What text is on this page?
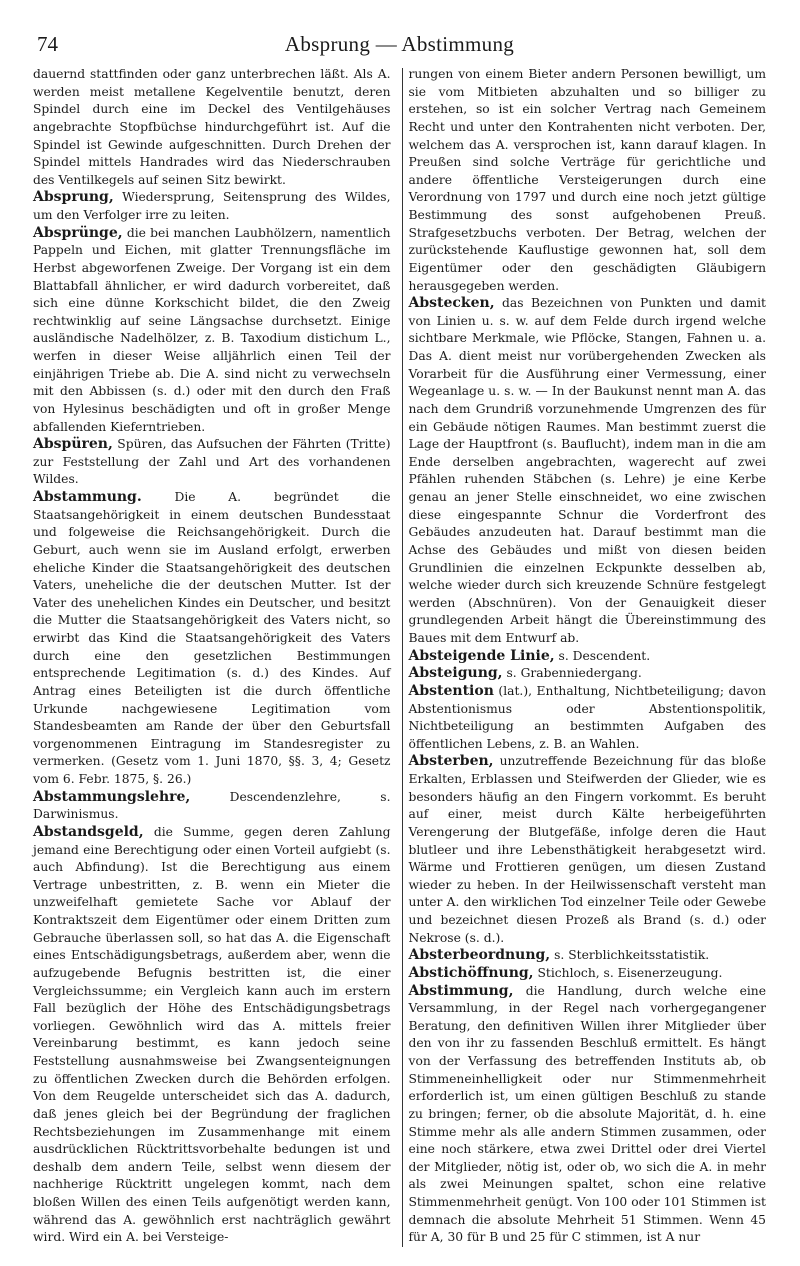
74	Absprung — Abstimmung

dauernd stattfinden oder ganz unterbrechen läßt. Als A. werden meist metallene Kegelventile benutzt, deren Spindel durch eine im Deckel des Ventilgehäuses angebrachte Stopfbüchse hindurchgeführt ist. Auf die Spindel ist Gewinde aufgeschnitten. Durch Drehen der Spindel mittels Handrades wird das Niederschrauben des Ventilkegels auf seinen Sitz bewirkt.

Absprung, Wiedersprung, Seitensprung des Wildes, um den Verfolger irre zu leiten.

Absprünge, die bei manchen Laubhölzern, namentlich Pappeln und Eichen, mit glatter Trennungsfläche im Herbst abgeworfenen Zweige. Der Vorgang ist ein dem Blattabfall ähnlicher, er wird dadurch vorbereitet, daß sich eine dünne Korkschicht bildet, die den Zweig rechtwinklig auf seine Längsachse durchsetzt. Einige ausländische Nadelhölzer, z. B. Taxodium distichum L., werfen in dieser Weise alljährlich einen Teil der einjährigen Triebe ab. Die A. sind nicht zu verwechseln mit den Abbissen (s. d.) oder mit den durch den Fraß von Hylesinus beschädigten und oft in großer Menge abfallenden Kieferntrieben.

Abspüren, Spüren, das Aufsuchen der Fährten (Tritte) zur Feststellung der Zahl und Art des vorhandenen Wildes.

Abstammung.	Die A. begründet die Staatsangehörigkeit in einem deutschen Bundesstaat und folgeweise die Reichsangehörigkeit. Durch die Geburt, auch wenn sie im Ausland erfolgt, erwerben eheliche Kinder die Staatsangehörigkeit des deutschen Vaters, uneheliche die der deutschen Mutter. Ist der Vater des unehelichen Kindes ein Deutscher, und besitzt die Mutter die Staatsangehörigkeit des Vaters nicht, so erwirbt das Kind die Staatsangehörigkeit des Vaters durch eine den gesetzlichen Bestimmungen entsprechende Legitimation (s. d.) des Kindes. Auf Antrag eines Beteiligten ist die durch öffentliche Urkunde nachgewiesene Legitimation vom Standesbeamten am Rande der über den Geburtsfall vorgenommenen Eintragung im Standesregister zu vermerken. (Gesetz vom 1. Juni 1870, §§. 3, 4; Gesetz vom 6. Febr. 1875, §. 26.)

Abstammungslehre,	Descendenzlehre, s. Darwinismus.

Abstandsgeld, die Summe, gegen deren Zahlung jemand eine Berechtigung oder einen Vorteil aufgiebt (s. auch Abfindung). Ist die Berechtigung aus einem Vertrage unbestritten, z. B. wenn ein Mieter die unzweifelhaft gemietete Sache vor Ablauf der Kontraktszeit dem Eigentümer oder einem Dritten zum Gebrauche überlassen soll, so hat das A. die Eigenschaft eines Entschädigungsbetrags, außerdem aber, wenn die aufzugebende Befugnis bestritten ist, die einer Vergleichssumme; ein Vergleich kann auch im erstern Fall bezüglich der Höhe des Entschädigungsbetrags vorliegen. Gewöhnlich wird das A. mittels freier Vereinbarung bestimmt, es kann jedoch seine Feststellung ausnahmsweise bei Zwangsenteignungen zu öffentlichen Zwecken durch die Behörden erfolgen. Von dem Reugelde unterscheidet sich das A. dadurch, daß jenes gleich bei der Begründung der fraglichen Rechtsbeziehungen im Zusammenhange mit einem ausdrücklichen Rücktrittsvorbehalte bedungen ist und deshalb dem andern Teile, selbst wenn diesem der nachherige Rücktritt ungelegen kommt, nach dem bloßen Willen des einen Teils aufgenötigt werden kann, während das A. gewöhnlich erst nachträglich gewährt wird. Wird ein A. bei Versteige-

rungen von einem Bieter andern Personen bewilligt, um sie vom Mitbieten abzuhalten und so billiger zu erstehen, so ist ein solcher Vertrag nach Gemeinem Recht und unter den Kontrahenten nicht verboten. Der, welchem das A. versprochen ist, kann darauf klagen. In Preußen sind solche Verträge für gerichtliche und andere öffentliche Versteigerungen durch eine Verordnung von 1797 und durch eine noch jetzt gültige Bestimmung des sonst aufgehobenen Preuß. Strafgesetzbuchs verboten. Der Betrag, welchen der zurückstehende Kauflustige gewonnen hat, soll dem Eigentümer oder den geschädigten Gläubigern herausgegeben werden.

Abstecken, das Bezeichnen von Punkten und damit von Linien u. s. w. auf dem Felde durch irgend welche sichtbare Merkmale, wie Pflöcke, Stangen, Fahnen u. a. Das A. dient meist nur vorübergehenden Zwecken als Vorarbeit für die Ausführung einer Vermessung, einer Wegeanlage u. s. w. — In der Baukunst nennt man A. das nach dem Grundriß vorzunehmende Umgrenzen des für ein Gebäude nötigen Raumes. Man bestimmt zuerst die Lage der Hauptfront (s. Bauflucht), indem man in die am Ende derselben angebrachten, wagerecht auf zwei Pfählen ruhenden Stäbchen (s. Lehre) je eine Kerbe genau an jener Stelle einschneidet, wo eine zwischen diese eingespannte Schnur die Vorderfront des Gebäudes anzudeuten hat. Darauf bestimmt man die Achse des Gebäudes und mißt von diesen beiden Grundlinien die einzelnen Eckpunkte desselben ab, welche wieder durch sich kreuzende Schnüre festgelegt werden (Abschnüren). Von der Genauigkeit dieser grundlegenden Arbeit hängt die Übereinstimmung des Baues mit dem Entwurf ab.

Absteigende Linie, s. Descendent.

Absteigung, s. Grabenniedergang.

Abstention (lat.), Enthaltung, Nichtbeteiligung; davon Abstentionismus oder Abstentionspolitik, Nichtbeteiligung an bestimmten Aufgaben des öffentlichen Lebens, z. B. an Wahlen.

Absterben, unzutreffende Bezeichnung für das bloße Erkalten, Erblassen und Steifwerden der Glieder, wie es besonders häufig an den Fingern vorkommt. Es beruht auf einer, meist durch Kälte herbeigeführten Verengerung der Blutgefäße, infolge deren die Haut blutleer und ihre Lebensthätigkeit herabgesetzt wird. Wärme und Frottieren genügen, um diesen Zustand wieder zu heben. In der Heilwissenschaft versteht man unter A. den wirklichen Tod einzelner Teile oder Gewebe und bezeichnet diesen Prozeß als Brand (s. d.) oder Nekrose (s. d.).

Absterbeordnung, s. Sterblichkeitsstatistik.

Abstichöffnung, Stichloch, s. Eisenerzeugung.

Abstimmung, die Handlung, durch welche eine Versammlung, in der Regel nach vorhergegangener Beratung, den definitiven Willen ihrer Mitglieder über den von ihr zu fassenden Beschluß ermittelt. Es hängt von der Verfassung des betreffenden Instituts ab, ob Stimmeneinhelligkeit oder nur Stimmenmehrheit erforderlich ist, um einen gültigen Beschluß zu stande zu bringen; ferner, ob die absolute Majorität, d. h. eine Stimme mehr als alle andern Stimmen zusammen, oder eine noch stärkere, etwa zwei Drittel oder drei Viertel der Mitglieder, nötig ist, oder ob, wo sich die A. in mehr als zwei Meinungen spaltet, schon eine relative Stimmenmehrheit genügt. Von 100 oder 101 Stimmen ist demnach die absolute Mehrheit 51 Stimmen. Wenn 45 für A, 30 für B und 25 für C stimmen, ist A nur
